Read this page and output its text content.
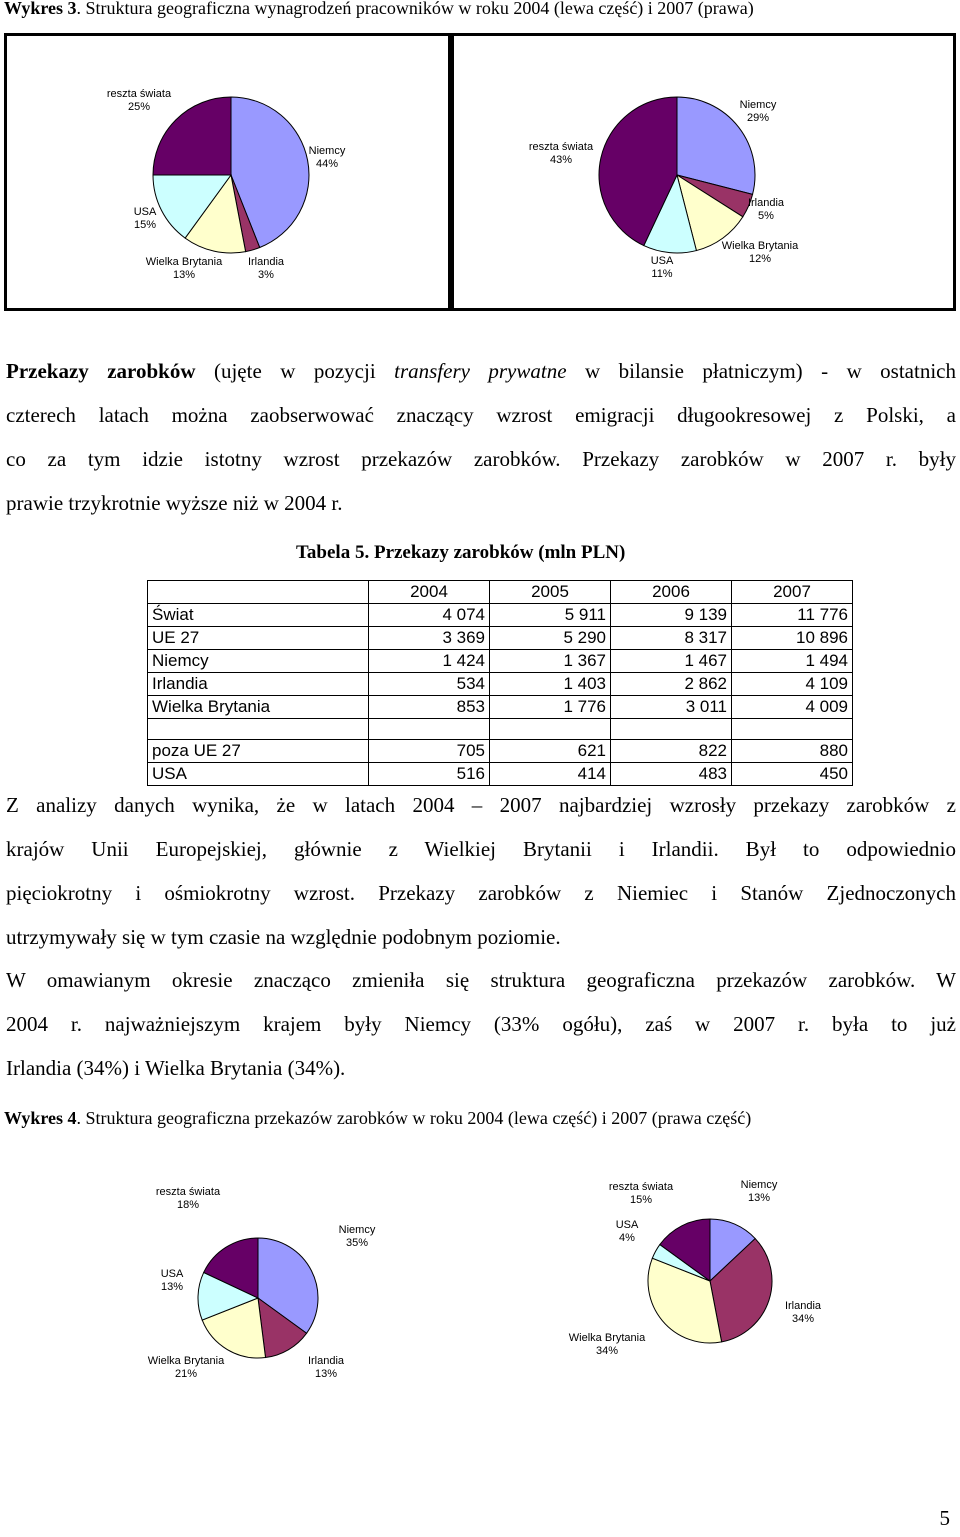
Wykres 3. Struktura geograficzna wynagrodzeń pracowników w roku 2004 (lewa część) i 2007 (prawa)
reszta świata
25%
Niemcy
44%
USA
15%
Wielka Brytania
13%
Irlandia
3%
Niemcy
29%
reszta świata
43%
Irlandia
5%
Wielka Brytania
12%
USA
11%
Przekazy zarobków (ujęte w pozycji transfery prywatne w bilansie płatniczym) - w ostatnich
czterech latach można zaobserwować znaczący wzrost emigracji długookresowej z Polski, a
co za tym idzie istotny wzrost przekazów zarobków. Przekazy zarobków w 2007 r. były
prawie trzykrotnie wyższe niż w 2004 r.
Tabela 5. Przekazy zarobków (mln PLN)
	2004	2005	2006	2007
Świat	4 074	5 911	9 139	11 776
UE 27	3 369	5 290	8 317	10 896
Niemcy	1 424	1 367	1 467	1 494
Irlandia	534	1 403	2 862	4 109
Wielka Brytania	853	1 776	3 011	4 009

poza UE 27	705	621	822	880
USA	516	414	483	450
Z analizy danych wynika, że w latach 2004 – 2007 najbardziej wzrosły przekazy zarobków z
krajów Unii Europejskiej, głównie z Wielkiej Brytanii i Irlandii. Był to odpowiednio
pięciokrotny i ośmiokrotny wzrost. Przekazy zarobków z Niemiec i Stanów Zjednoczonych
utrzymywały się w tym czasie na względnie podobnym poziomie.
W omawianym okresie znacząco zmieniła się struktura geograficzna przekazów zarobków. W
2004 r. najważniejszym krajem były Niemcy (33% ogółu), zaś w 2007 r. była to już
Irlandia (34%) i Wielka Brytania (34%).
Wykres 4. Struktura geograficzna przekazów zarobków w roku 2004 (lewa część) i 2007 (prawa część)
reszta świata
18%
Niemcy
35%
USA
13%
Wielka Brytania
21%
Irlandia
13%
reszta świata
15%
Niemcy
13%
USA
4%
Irlandia
34%
Wielka Brytania
34%
5
